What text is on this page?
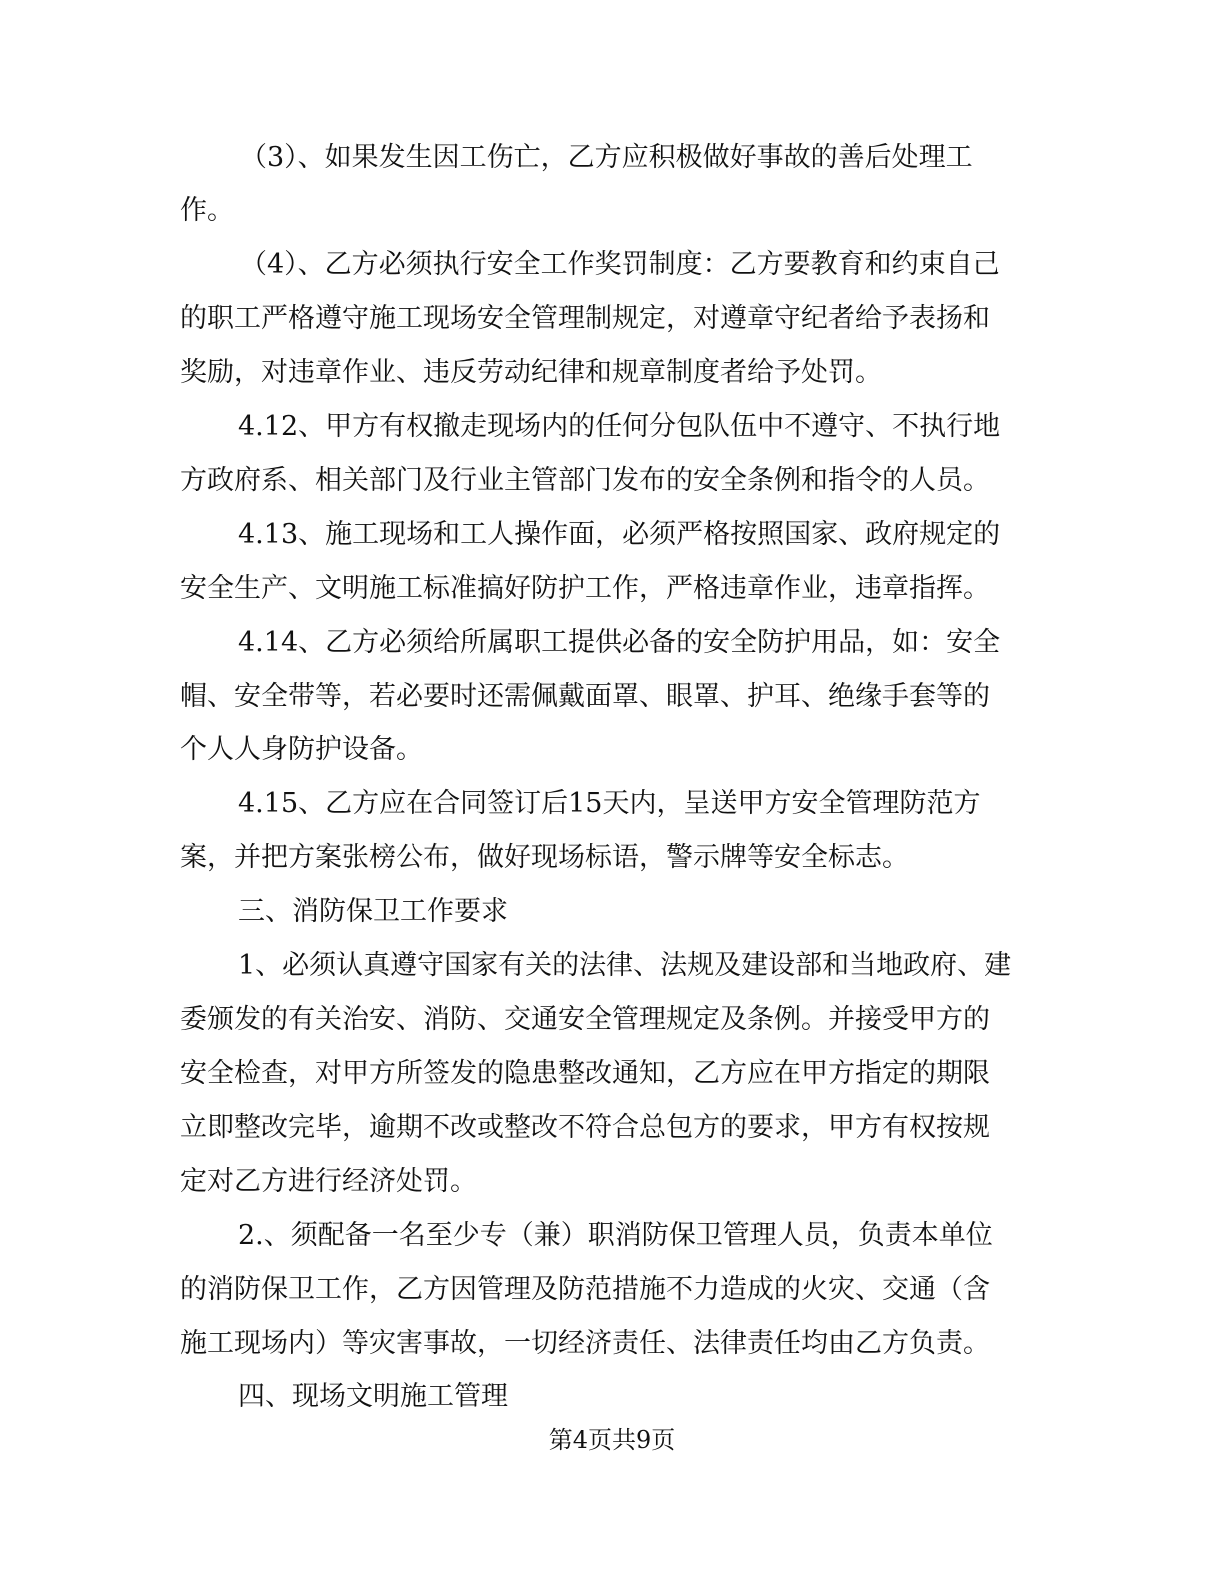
（3）、如果发生因工伤亡，乙方应积极做好事故的善后处理工
作。
（4）、乙方必须执行安全工作奖罚制度：乙方要教育和约束自己
的职工严格遵守施工现场安全管理制规定，对遵章守纪者给予表扬和
奖励，对违章作业、违反劳动纪律和规章制度者给予处罚。
4.12、甲方有权撤走现场内的任何分包队伍中不遵守、不执行地
方政府系、相关部门及行业主管部门发布的安全条例和指令的人员。
4.13、施工现场和工人操作面，必须严格按照国家、政府规定的
安全生产、文明施工标准搞好防护工作，严格违章作业，违章指挥。
4.14、乙方必须给所属职工提供必备的安全防护用品，如：安全
帽、安全带等，若必要时还需佩戴面罩、眼罩、护耳、绝缘手套等的
个人人身防护设备。
4.15、乙方应在合同签订后15天内，呈送甲方安全管理防范方
案，并把方案张榜公布，做好现场标语，警示牌等安全标志。
三、消防保卫工作要求
1、必须认真遵守国家有关的法律、法规及建设部和当地政府、建
委颁发的有关治安、消防、交通安全管理规定及条例。并接受甲方的
安全检查，对甲方所签发的隐患整改通知，乙方应在甲方指定的期限
立即整改完毕，逾期不改或整改不符合总包方的要求，甲方有权按规
定对乙方进行经济处罚。
2.、须配备一名至少专（兼）职消防保卫管理人员，负责本单位
的消防保卫工作，乙方因管理及防范措施不力造成的火灾、交通（含
施工现场内）等灾害事故，一切经济责任、法律责任均由乙方负责。
四、现场文明施工管理
第4页共9页
